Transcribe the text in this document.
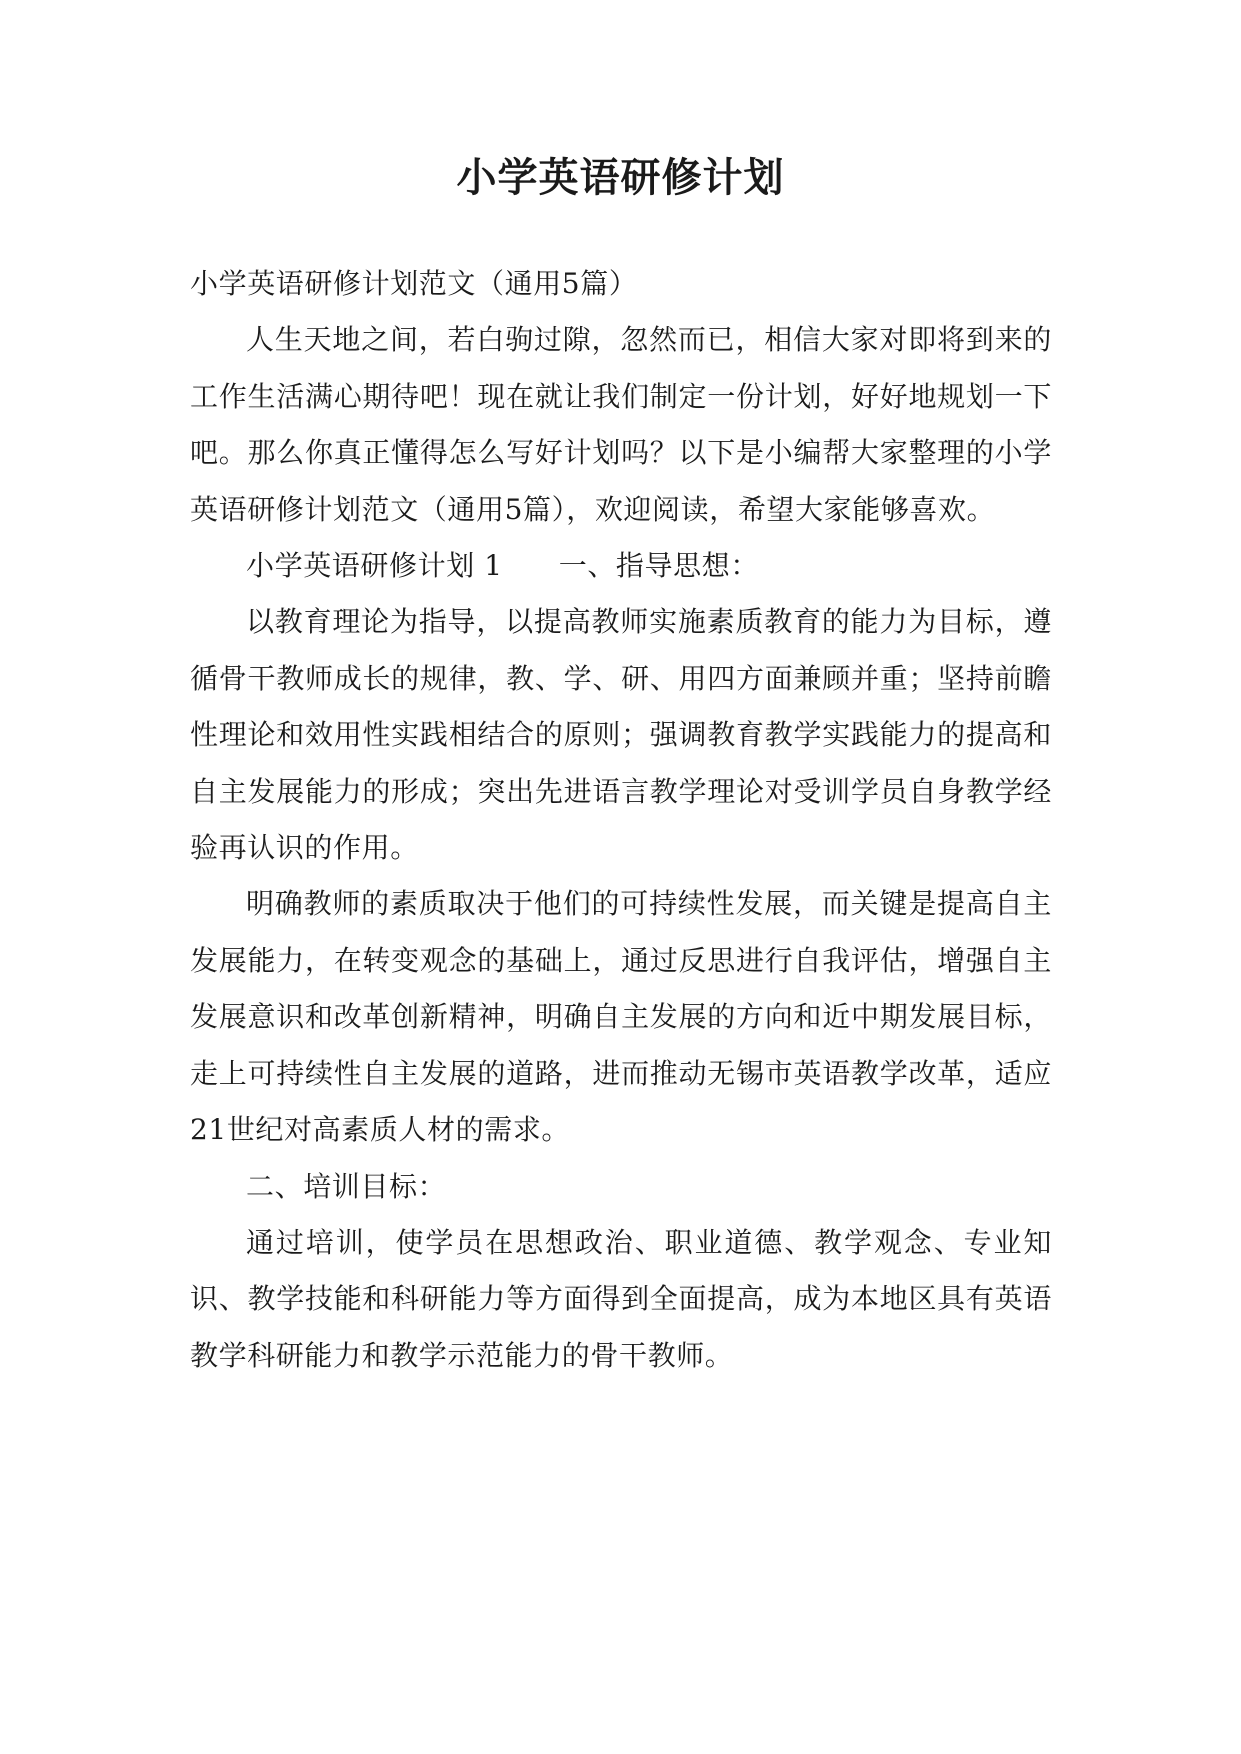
小学英语研修计划

小学英语研修计划范文（通用5篇）

人生天地之间，若白驹过隙，忽然而已，相信大家对即将到来的工作生活满心期待吧！现在就让我们制定一份计划，好好地规划一下吧。那么你真正懂得怎么写好计划吗？以下是小编帮大家整理的小学英语研修计划范文（通用5篇），欢迎阅读，希望大家能够喜欢。

小学英语研修计划 1 一、指导思想：

以教育理论为指导，以提高教师实施素质教育的能力为目标，遵循骨干教师成长的规律，教、学、研、用四方面兼顾并重；坚持前瞻性理论和效用性实践相结合的原则；强调教育教学实践能力的提高和自主发展能力的形成；突出先进语言教学理论对受训学员自身教学经验再认识的作用。

明确教师的素质取决于他们的可持续性发展，而关键是提高自主发展能力，在转变观念的基础上，通过反思进行自我评估，增强自主发展意识和改革创新精神，明确自主发展的方向和近中期发展目标，走上可持续性自主发展的道路，进而推动无锡市英语教学改革，适应21世纪对高素质人材的需求。

二、培训目标：

通过培训，使学员在思想政治、职业道德、教学观念、专业知识、教学技能和科研能力等方面得到全面提高，成为本地区具有英语教学科研能力和教学示范能力的骨干教师。
